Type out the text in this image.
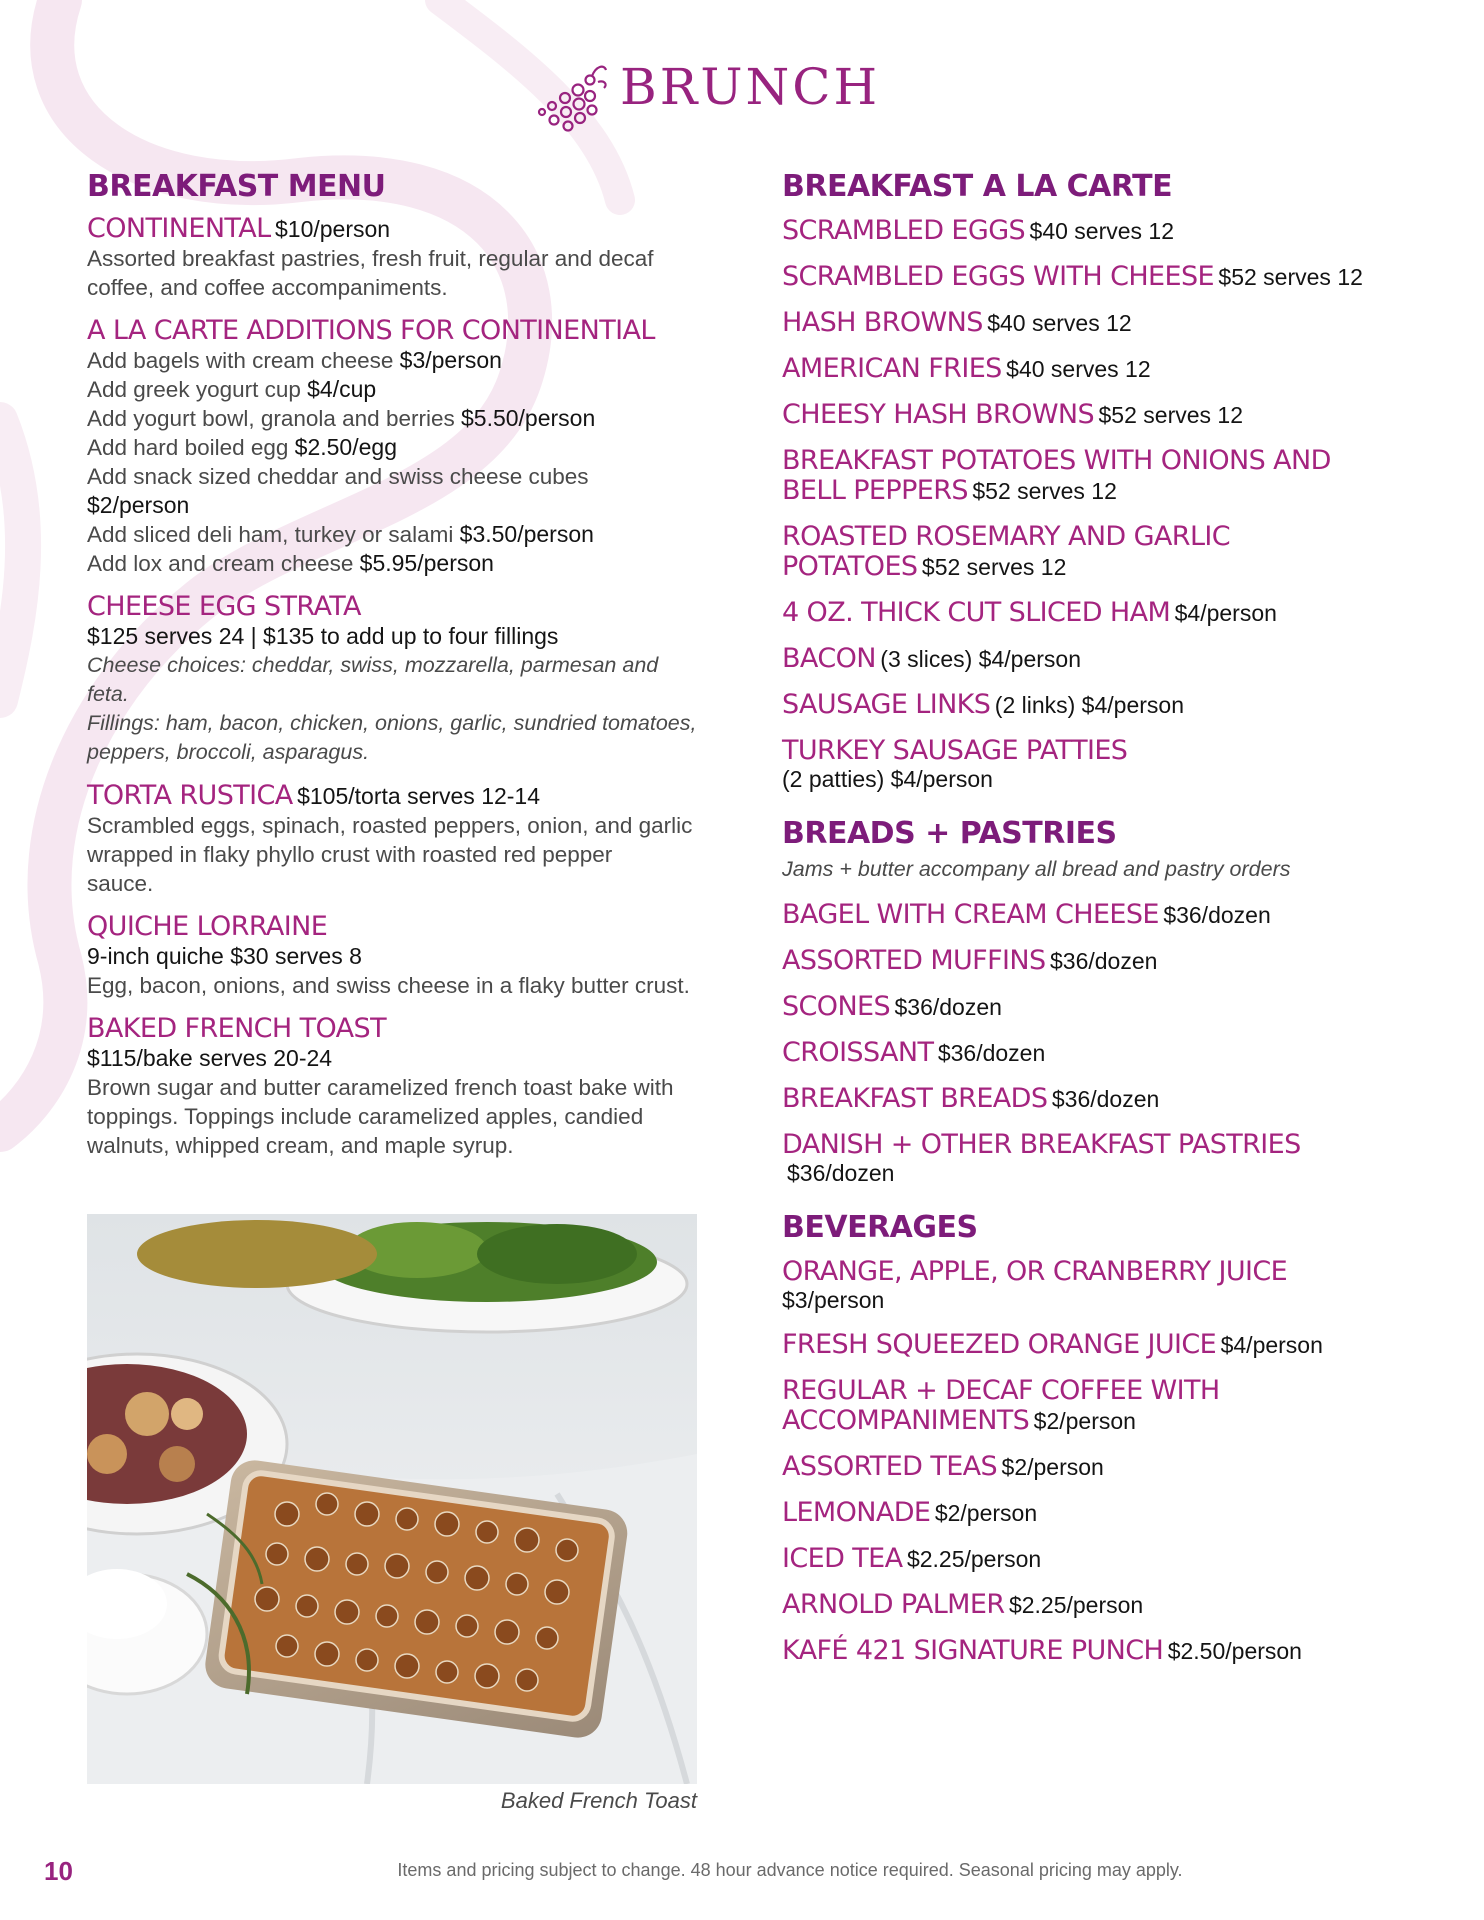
BRUNCH
BREAKFAST MENU
CONTINENTAL $10/person
Assorted breakfast pastries, fresh fruit, regular and decaf
coffee, and coffee accompaniments.
A LA CARTE ADDITIONS FOR CONTINENTIAL
Add bagels with cream cheese $3/person
Add greek yogurt cup $4/cup
Add yogurt bowl, granola and berries $5.50/person
Add hard boiled egg $2.50/egg
Add snack sized cheddar and swiss cheese cubes
$2/person
Add sliced deli ham, turkey or salami $3.50/person
Add lox and cream cheese $5.95/person
CHEESE EGG STRATA
$125 serves 24 | $135 to add up to four fillings
Cheese choices: cheddar, swiss, mozzarella, parmesan and feta.
Fillings: ham, bacon, chicken, onions, garlic, sundried tomatoes,
peppers, broccoli, asparagus.
TORTA RUSTICA $105/torta serves 12-14
Scrambled eggs, spinach, roasted peppers, onion, and garlic
wrapped in flaky phyllo crust with roasted red pepper
sauce.
QUICHE LORRAINE
9-inch quiche $30 serves 8
Egg, bacon, onions, and swiss cheese in a flaky butter crust.
BAKED FRENCH TOAST
$115/bake serves 20-24
Brown sugar and butter caramelized french toast bake with
toppings. Toppings include caramelized apples, candied
walnuts, whipped cream, and maple syrup.
Baked French Toast
BREAKFAST A LA CARTE
SCRAMBLED EGGS $40 serves 12
SCRAMBLED EGGS WITH CHEESE $52 serves 12
HASH BROWNS $40 serves 12
AMERICAN FRIES $40 serves 12
CHEESY HASH BROWNS $52 serves 12
BREAKFAST POTATOES WITH ONIONS AND
BELL PEPPERS $52 serves 12
ROASTED ROSEMARY AND GARLIC
POTATOES $52 serves 12
4 OZ. THICK CUT SLICED HAM $4/person
BACON (3 slices) $4/person
SAUSAGE LINKS (2 links) $4/person
TURKEY SAUSAGE PATTIES
(2 patties) $4/person
BREADS + PASTRIES
Jams + butter accompany all bread and pastry orders
BAGEL WITH CREAM CHEESE $36/dozen
ASSORTED MUFFINS $36/dozen
SCONES $36/dozen
CROISSANT $36/dozen
BREAKFAST BREADS $36/dozen
DANISH + OTHER BREAKFAST PASTRIES
$36/dozen
BEVERAGES
ORANGE, APPLE, OR CRANBERRY JUICE
$3/person
FRESH SQUEEZED ORANGE JUICE $4/person
REGULAR + DECAF COFFEE WITH
ACCOMPANIMENTS $2/person
ASSORTED TEAS $2/person
LEMONADE $2/person
ICED TEA $2.25/person
ARNOLD PALMER $2.25/person
KAFÉ 421 SIGNATURE PUNCH $2.50/person
10	Items and pricing subject to change. 48 hour advance notice required. Seasonal pricing may apply.
